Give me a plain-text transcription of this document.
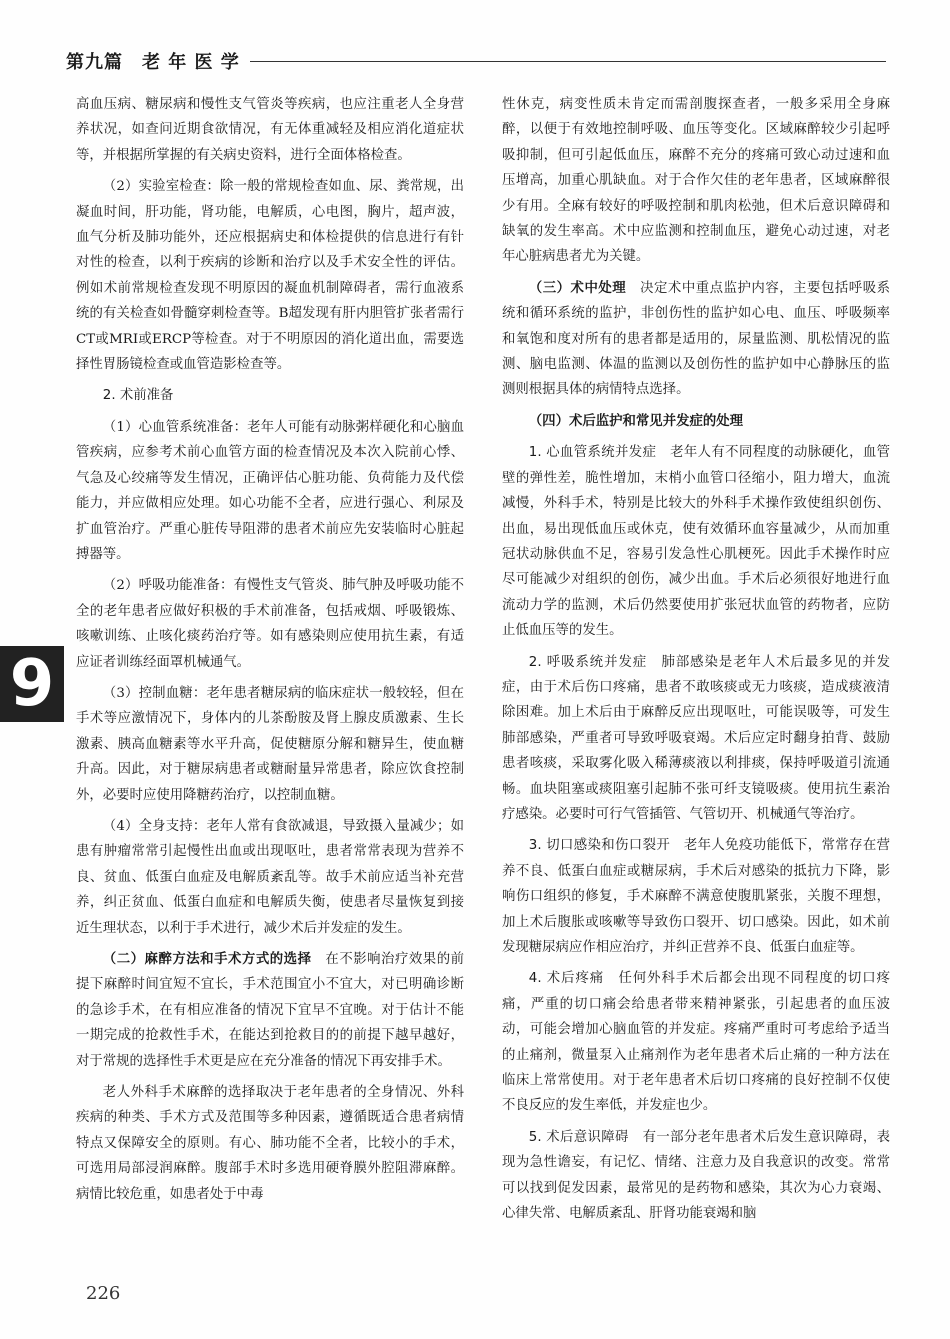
第九篇　老 年 医 学

高血压病、糖尿病和慢性支气管炎等疾病，也应注重老人全身营养状况，如查问近期食欲情况，有无体重减轻及相应消化道症状等，并根据所掌握的有关病史资料，进行全面体格检查。

（2）实验室检查：除一般的常规检查如血、尿、粪常规，出凝血时间，肝功能，肾功能，电解质，心电图，胸片，超声波，血气分析及肺功能外，还应根据病史和体检提供的信息进行有针对性的检查，以利于疾病的诊断和治疗以及手术安全性的评估。例如术前常规检查发现不明原因的凝血机制障碍者，需行血液系统的有关检查如骨髓穿刺检查等。B超发现有肝内胆管扩张者需行CT或MRI或ERCP等检查。对于不明原因的消化道出血，需要选择性胃肠镜检查或血管造影检查等。

2. 术前准备

（1）心血管系统准备：老年人可能有动脉粥样硬化和心脑血管疾病，应参考术前心血管方面的检查情况及本次入院前心悸、气急及心绞痛等发生情况，正确评估心脏功能、负荷能力及代偿能力，并应做相应处理。如心功能不全者，应进行强心、利尿及扩血管治疗。严重心脏传导阻滞的患者术前应先安装临时心脏起搏器等。

（2）呼吸功能准备：有慢性支气管炎、肺气肿及呼吸功能不全的老年患者应做好积极的手术前准备，包括戒烟、呼吸锻炼、咳嗽训练、止咳化痰药治疗等。如有感染则应使用抗生素，有适应证者训练经面罩机械通气。

（3）控制血糖：老年患者糖尿病的临床症状一般较轻，但在手术等应激情况下，身体内的儿茶酚胺及肾上腺皮质激素、生长激素、胰高血糖素等水平升高，促使糖原分解和糖异生，使血糖升高。因此，对于糖尿病患者或糖耐量异常患者，除应饮食控制外，必要时应使用降糖药治疗，以控制血糖。

（4）全身支持：老年人常有食欲减退，导致摄入量减少；如患有肿瘤常常引起慢性出血或出现呕吐，患者常常表现为营养不良、贫血、低蛋白血症及电解质紊乱等。故手术前应适当补充营养，纠正贫血、低蛋白血症和电解质失衡，使患者尽量恢复到接近生理状态，以利于手术进行，减少术后并发症的发生。

（二）麻醉方法和手术方式的选择　在不影响治疗效果的前提下麻醉时间宜短不宜长，手术范围宜小不宜大，对已明确诊断的急诊手术，在有相应准备的情况下宜早不宜晚。对于估计不能一期完成的抢救性手术，在能达到抢救目的的前提下越早越好，对于常规的选择性手术更是应在充分准备的情况下再安排手术。

老人外科手术麻醉的选择取决于老年患者的全身情况、外科疾病的种类、手术方式及范围等多种因素，遵循既适合患者病情特点又保障安全的原则。有心、肺功能不全者，比较小的手术，可选用局部浸润麻醉。腹部手术时多选用硬脊膜外腔阻滞麻醉。病情比较危重，如患者处于中毒

性休克，病变性质未肯定而需剖腹探查者，一般多采用全身麻醉，以便于有效地控制呼吸、血压等变化。区域麻醉较少引起呼吸抑制，但可引起低血压，麻醉不充分的疼痛可致心动过速和血压增高，加重心肌缺血。对于合作欠佳的老年患者，区域麻醉很少有用。全麻有较好的呼吸控制和肌肉松弛，但术后意识障碍和缺氧的发生率高。术中应监测和控制血压，避免心动过速，对老年心脏病患者尤为关键。

（三）术中处理　决定术中重点监护内容，主要包括呼吸系统和循环系统的监护，非创伤性的监护如心电、血压、呼吸频率和氧饱和度对所有的患者都是适用的，尿量监测、肌松情况的监测、脑电监测、体温的监测以及创伤性的监护如中心静脉压的监测则根据具体的病情特点选择。

（四）术后监护和常见并发症的处理

1. 心血管系统并发症　老年人有不同程度的动脉硬化，血管壁的弹性差，脆性增加，末梢小血管口径缩小，阻力增大，血流减慢，外科手术，特别是比较大的外科手术操作致使组织创伤、出血，易出现低血压或休克，使有效循环血容量减少，从而加重冠状动脉供血不足，容易引发急性心肌梗死。因此手术操作时应尽可能减少对组织的创伤，减少出血。手术后必须很好地进行血流动力学的监测，术后仍然要使用扩张冠状血管的药物者，应防止低血压等的发生。

2. 呼吸系统并发症　肺部感染是老年人术后最多见的并发症，由于术后伤口疼痛，患者不敢咳痰或无力咳痰，造成痰液清除困难。加上术后由于麻醉反应出现呕吐，可能误吸等，可发生肺部感染，严重者可导致呼吸衰竭。术后应定时翻身拍背、鼓励患者咳痰，采取雾化吸入稀薄痰液以利排痰，保持呼吸道引流通畅。血块阻塞或痰阻塞引起肺不张可纤支镜吸痰。使用抗生素治疗感染。必要时可行气管插管、气管切开、机械通气等治疗。

3. 切口感染和伤口裂开　老年人免疫功能低下，常常存在营养不良、低蛋白血症或糖尿病，手术后对感染的抵抗力下降，影响伤口组织的修复，手术麻醉不满意使腹肌紧张，关腹不理想，加上术后腹胀或咳嗽等导致伤口裂开、切口感染。因此，如术前发现糖尿病应作相应治疗，并纠正营养不良、低蛋白血症等。

4. 术后疼痛　任何外科手术后都会出现不同程度的切口疼痛，严重的切口痛会给患者带来精神紧张，引起患者的血压波动，可能会增加心脑血管的并发症。疼痛严重时可考虑给予适当的止痛剂，微量泵入止痛剂作为老年患者术后止痛的一种方法在临床上常常使用。对于老年患者术后切口疼痛的良好控制不仅使不良反应的发生率低，并发症也少。

5. 术后意识障碍　有一部分老年患者术后发生意识障碍，表现为急性谵妄，有记忆、情绪、注意力及自我意识的改变。常常可以找到促发因素，最常见的是药物和感染，其次为心力衰竭、心律失常、电解质紊乱、肝肾功能衰竭和脑

9
226
